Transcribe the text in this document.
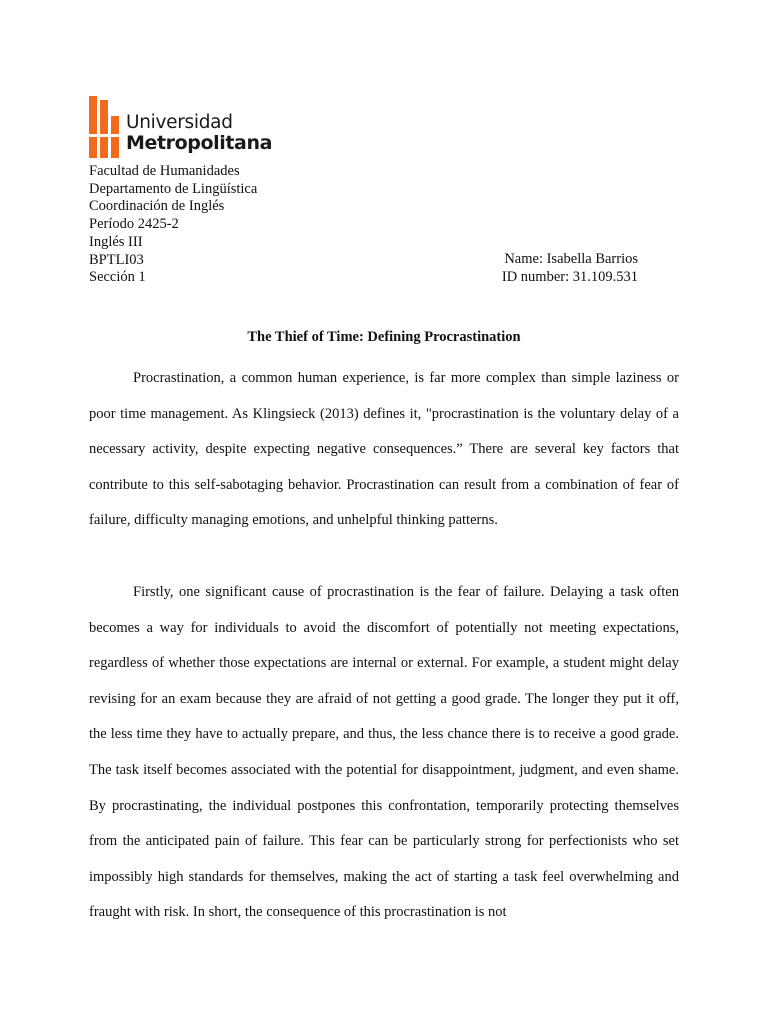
Universidad
Metropolitana
Facultad de Humanidades
Departamento de Lingüística
Coordinación de Inglés
Período 2425-2
Inglés III
BPTLI03
Sección 1
Name: Isabella Barrios
ID number: 31.109.531
The Thief of Time: Defining Procrastination

Procrastination, a common human experience, is far more complex than simple laziness or poor time management. As Klingsieck (2013) defines it, "procrastination is the voluntary delay of a necessary activity, despite expecting negative consequences.” There are several key factors that contribute to this self-sabotaging behavior. Procrastination can result from a combination of fear of failure, difficulty managing emotions, and unhelpful thinking patterns.

Firstly, one significant cause of procrastination is the fear of failure. Delaying a task often becomes a way for individuals to avoid the discomfort of potentially not meeting expectations, regardless of whether those expectations are internal or external. For example, a student might delay revising for an exam because they are afraid of not getting a good grade. The longer they put it off, the less time they have to actually prepare, and thus, the less chance there is to receive a good grade. The task itself becomes associated with the potential for disappointment, judgment, and even shame. By procrastinating, the individual postpones this confrontation, temporarily protecting themselves from the anticipated pain of failure. This fear can be particularly strong for perfectionists who set impossibly high standards for themselves, making the act of starting a task feel overwhelming and fraught with risk. In short, the consequence of this procrastination is not
